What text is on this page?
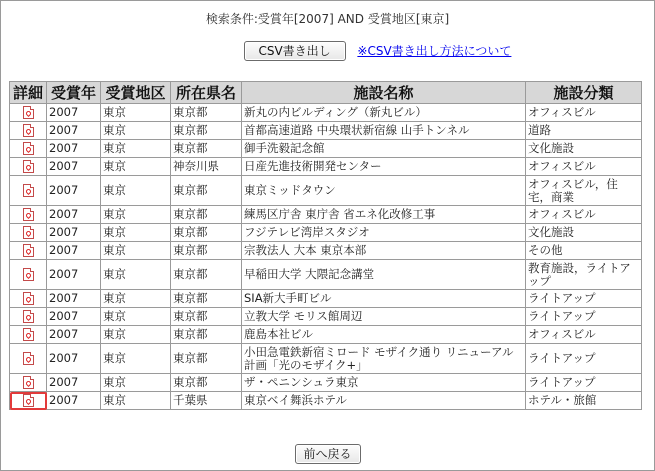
検索条件:受賞年[2007] AND 受賞地区[東京]
CSV書き出し ※CSV書き出し方法について
詳細	受賞年	受賞地区	所在県名	施設名称	施設分類
	2007	東京	東京都	新丸の内ビルディング（新丸ビル）	オフィスビル
	2007	東京	東京都	首都高速道路 中央環状新宿線 山手トンネル	道路
	2007	東京	東京都	御手洗毅記念館	文化施設
	2007	東京	神奈川県	日産先進技術開発センター	オフィスビル
	2007	東京	東京都	東京ミッドタウン	オフィスビル，住宅，商業
	2007	東京	東京都	練馬区庁舎 東庁舎 省エネ化改修工事	オフィスビル
	2007	東京	東京都	フジテレビ湾岸スタジオ	文化施設
	2007	東京	東京都	宗教法人 大本 東京本部	その他
	2007	東京	東京都	早稲田大学 大隈記念講堂	教育施設，ライトアップ
	2007	東京	東京都	SIA新大手町ビル	ライトアップ
	2007	東京	東京都	立教大学 モリス館周辺	ライトアップ
	2007	東京	東京都	鹿島本社ビル	オフィスビル
	2007	東京	東京都	小田急電鉄新宿ミロード モザイク通り リニューアル計画「光のモザイク+」	ライトアップ
	2007	東京	東京都	ザ・ペニンシュラ東京	ライトアップ
	2007	東京	千葉県	東京ベイ舞浜ホテル	ホテル・旅館
前へ戻る
